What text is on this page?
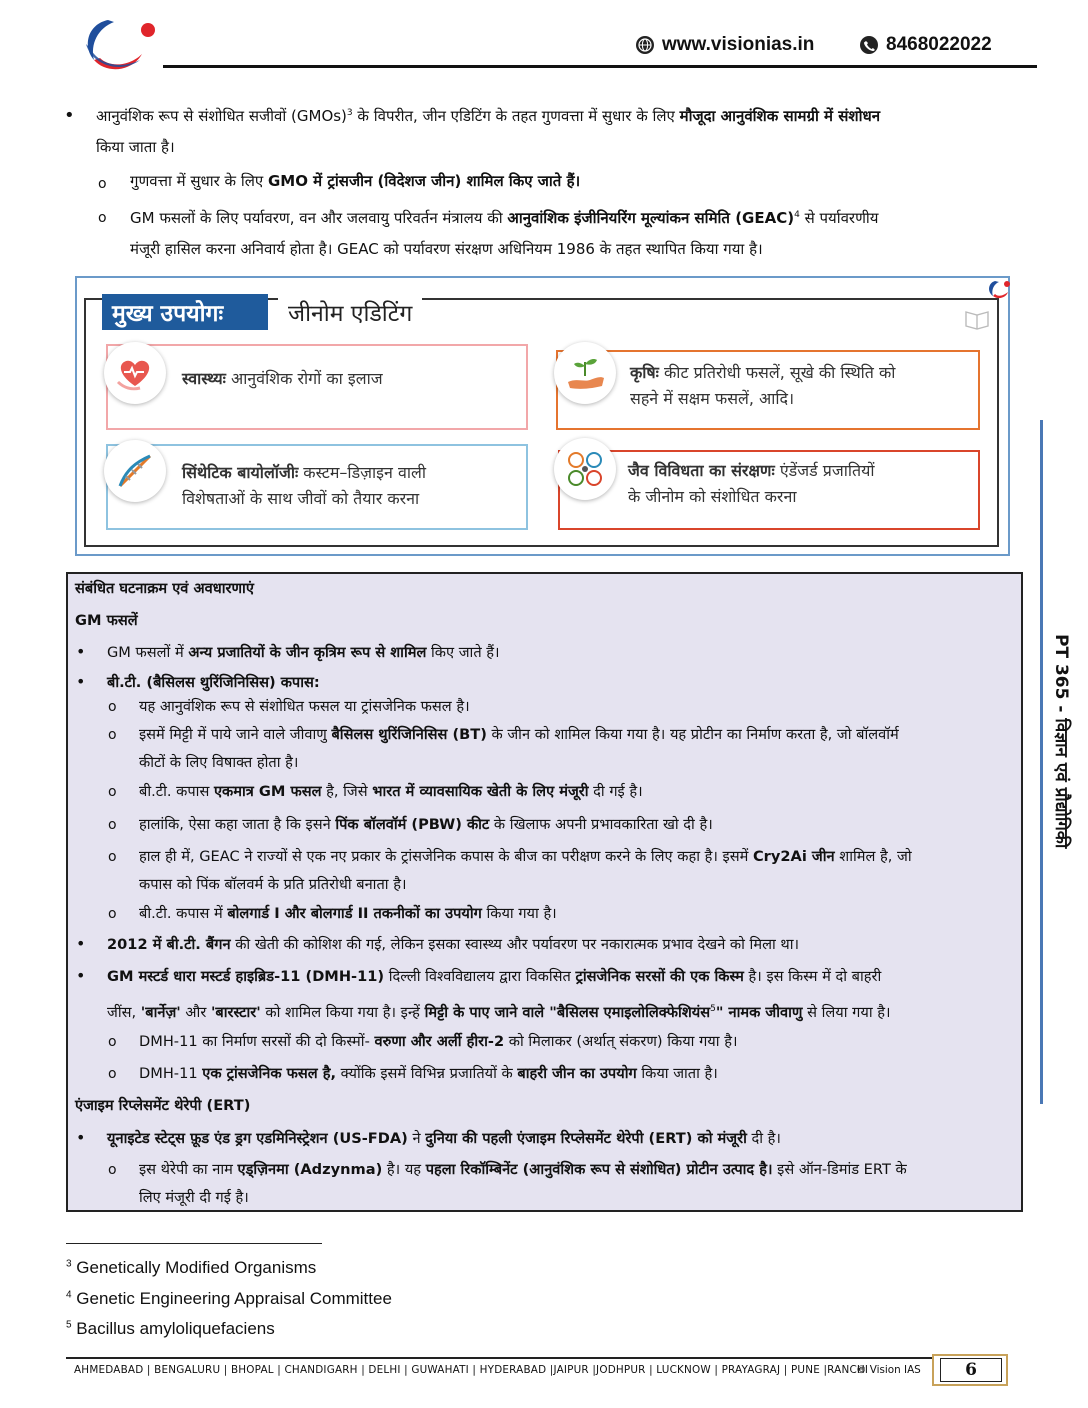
www.visionias.in	8468022022
• आनुवंशिक रूप से संशोधित सजीवों (GMOs)$^3$ के विपरीत, जीन एडिटिंग के तहत गुणवत्ता में सुधार के लिए मौजूदा आनुवंशिक सामग्री में संशोधन
किया जाता है।
o गुणवत्ता में सुधार के लिए GMO में ट्रांसजीन (विदेशज जीन) शामिल किए जाते हैं।
o GM फसलों के लिए पर्यावरण, वन और जलवायु परिवर्तन मंत्रालय की आनुवांशिक इंजीनियरिंग मूल्यांकन समिति (GEAC)$^4$ से पर्यावरणीय
मंजूरी हासिल करना अनिवार्य होता है। GEAC को पर्यावरण संरक्षण अधिनियम 1986 के तहत स्थापित किया गया है।
मुख्य उपयोगः	जीनोम एडिटिंग
स्वास्थ्यः आनुवंशिक रोगों का इलाज	कृषिः कीट प्रतिरोधी फसलें, सूखे की स्थिति को
सहने में सक्षम फसलें, आदि।
सिंथेटिक बायोलॉजीः कस्टम–डिज़ाइन वाली
विशेषताओं के साथ जीवों को तैयार करना
जैव विविधता का संरक्षणः एंडेंजर्ड प्रजातियों
के जीनोम को संशोधित करना
संबंधित घटनाक्रम एवं अवधारणाएं
GM फसलें
• GM फसलों में अन्य प्रजातियों के जीन कृत्रिम रूप से शामिल किए जाते हैं।
• बी.टी. (बैसिलस थुरिंजिनिसिस) कपास:
o यह आनुवंशिक रूप से संशोधित फसल या ट्रांसजेनिक फसल है।
o इसमें मिट्टी में पाये जाने वाले जीवाणु बैसिलस थुरिंजिनिसिस (BT) के जीन को शामिल किया गया है। यह प्रोटीन का निर्माण करता है, जो बॉलवॉर्म
कीटों के लिए विषाक्त होता है।
o बी.टी. कपास एकमात्र GM फसल है, जिसे भारत में व्यावसायिक खेती के लिए मंजूरी दी गई है।
o हालांकि, ऐसा कहा जाता है कि इसने पिंक बॉलवॉर्म (PBW) कीट के खिलाफ अपनी प्रभावकारिता खो दी है।
o हाल ही में, GEAC ने राज्यों से एक नए प्रकार के ट्रांसजेनिक कपास के बीज का परीक्षण करने के लिए कहा है। इसमें Cry2Ai जीन शामिल है, जो
कपास को पिंक बॉलवर्म के प्रति प्रतिरोधी बनाता है।
o बी.टी. कपास में बोलगार्ड I और बोलगार्ड II तकनीकों का उपयोग किया गया है।
• 2012 में बी.टी. बैंगन की खेती की कोशिश की गई, लेकिन इसका स्वास्थ्य और पर्यावरण पर नकारात्मक प्रभाव देखने को मिला था।
• GM मस्टर्ड धारा मस्टर्ड हाइब्रिड-11 (DMH-11) दिल्ली विश्वविद्यालय द्वारा विकसित ट्रांसजेनिक सरसों की एक किस्म है। इस किस्म में दो बाहरी
जींस, 'बार्नेज़' और 'बारस्टार' को शामिल किया गया है। इन्हें मिट्टी के पाए जाने वाले "बैसिलस एमाइलोलिक्फेशियंस$^5$" नामक जीवाणु से लिया गया है।
o DMH-11 का निर्माण सरसों की दो किस्मों- वरुणा और अर्ली हीरा-2 को मिलाकर (अर्थात् संकरण) किया गया है।
o DMH-11 एक ट्रांसजेनिक फसल है, क्योंकि इसमें विभिन्न प्रजातियों के बाहरी जीन का उपयोग किया जाता है।
एंजाइम रिप्लेसमेंट थेरेपी (ERT)
• यूनाइटेड स्टेट्स फ़ूड एंड ड्रग एडमिनिस्ट्रेशन (US-FDA) ने दुनिया की पहली एंजाइम रिप्लेसमेंट थेरेपी (ERT) को मंजूरी दी है।
o इस थेरेपी का नाम एड्ज़िनमा (Adzynma) है। यह पहला रिकॉम्बिनेंट (आनुवंशिक रूप से संशोधित) प्रोटीन उत्पाद है। इसे ऑन-डिमांड ERT के
लिए मंजूरी दी गई है।
PT 365 - विज्ञान एवं प्रौद्योगिकी
$^3$ Genetically Modified Organisms
$^4$ Genetic Engineering Appraisal Committee
$^5$ Bacillus amyloliquefaciens
AHMEDABAD | BENGALURU | BHOPAL | CHANDIGARH | DELHI | GUWAHATI | HYDERABAD |JAIPUR |JODHPUR | LUCKNOW | PRAYAGRAJ | PUNE |RANCHI
© Vision IAS	6
